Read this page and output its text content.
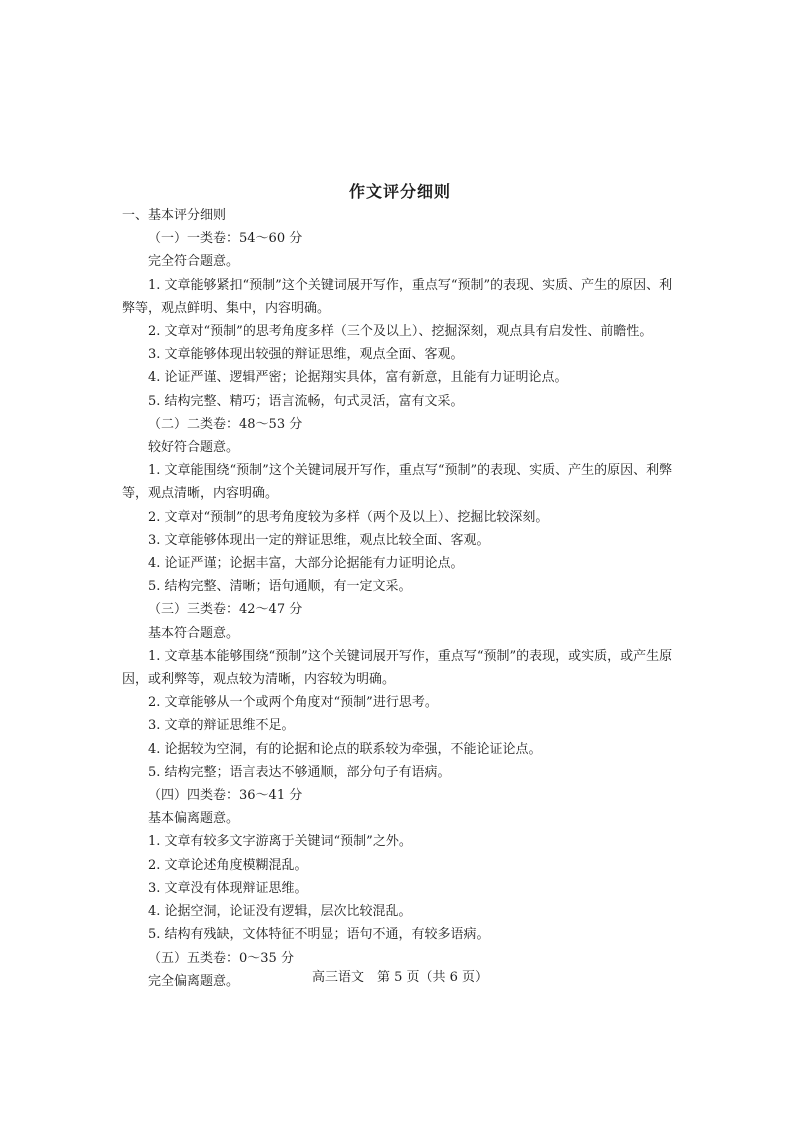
作文评分细则

一、基本评分细则

（一）一类卷：54～60 分

完全符合题意。

1. 文章能够紧扣“预制”这个关键词展开写作，重点写“预制”的表现、实质、产生的原因、利弊等，观点鲜明、集中，内容明确。

2. 文章对“预制”的思考角度多样（三个及以上）、挖掘深刻，观点具有启发性、前瞻性。

3. 文章能够体现出较强的辩证思维，观点全面、客观。

4. 论证严谨、逻辑严密；论据翔实具体，富有新意，且能有力证明论点。

5. 结构完整、精巧；语言流畅，句式灵活，富有文采。

（二）二类卷：48～53 分

较好符合题意。

1. 文章能围绕“预制”这个关键词展开写作，重点写“预制”的表现、实质、产生的原因、利弊等，观点清晰，内容明确。

2. 文章对“预制”的思考角度较为多样（两个及以上）、挖掘比较深刻。

3. 文章能够体现出一定的辩证思维，观点比较全面、客观。

4. 论证严谨；论据丰富，大部分论据能有力证明论点。

5. 结构完整、清晰；语句通顺，有一定文采。

（三）三类卷：42～47 分

基本符合题意。

1. 文章基本能够围绕“预制”这个关键词展开写作，重点写“预制”的表现，或实质，或产生原因，或利弊等，观点较为清晰，内容较为明确。

2. 文章能够从一个或两个角度对“预制”进行思考。

3. 文章的辩证思维不足。

4. 论据较为空洞，有的论据和论点的联系较为牵强，不能论证论点。

5. 结构完整；语言表达不够通顺，部分句子有语病。

（四）四类卷：36～41 分

基本偏离题意。

1. 文章有较多文字游离于关键词“预制”之外。

2. 文章论述角度模糊混乱。

3. 文章没有体现辩证思维。

4. 论据空洞，论证没有逻辑，层次比较混乱。

5. 结构有残缺，文体特征不明显；语句不通，有较多语病。

（五）五类卷：0～35 分

完全偏离题意。	高三语文　第 5 页（共 6 页）
